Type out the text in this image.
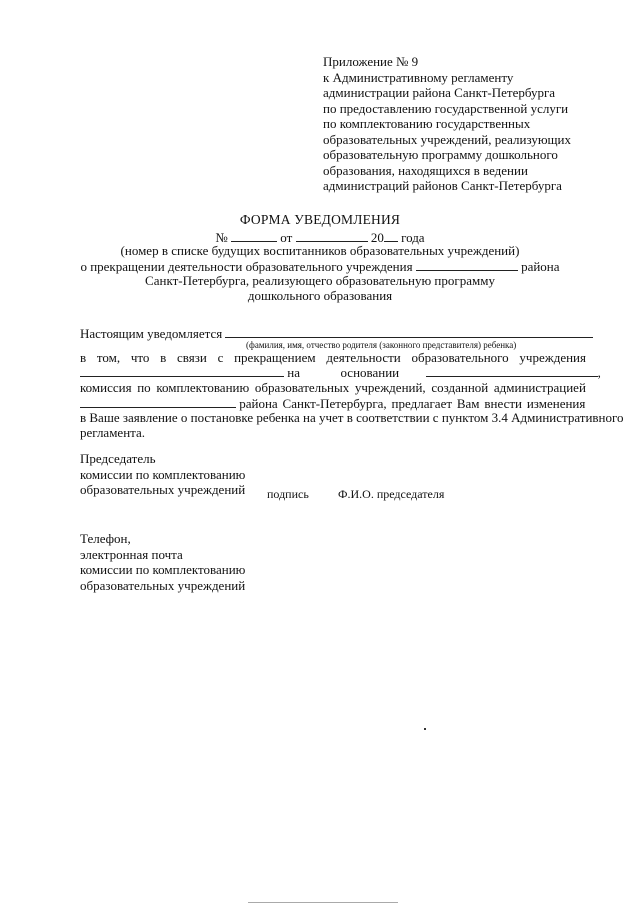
Приложение № 9
к Административному регламенту
администрации района Санкт-Петербурга
по предоставлению государственной услуги
по комплектованию государственных
образовательных учреждений, реализующих
образовательную программу дошкольного
образования, находящихся в ведении
администраций районов Санкт-Петербурга
ФОРМА УВЕДОМЛЕНИЯ
№	от	20 года
(номер в списке будущих воспитанников образовательных учреждений)
о прекращении деятельности образовательного учреждения	района
Санкт-Петербурга, реализующего образовательную программу
дошкольного образования
Настоящим уведомляется
(фамилия, имя, отчество родителя (законного представителя) ребенка)
в том, что в связи с прекращением деятельности образовательного учреждения
на	основании	,
комиссия по комплектованию образовательных учреждений, созданной администрацией
района Санкт-Петербурга, предлагает Вам внести изменения
в Ваше заявление о постановке ребенка на учет в соответствии с пунктом 3.4 Административного
регламента.
Председатель
комиссии по комплектованию
образовательных учреждений подпись Ф.И.О. председателя
Телефон,
электронная почта
комиссии по комплектованию
образовательных учреждений
